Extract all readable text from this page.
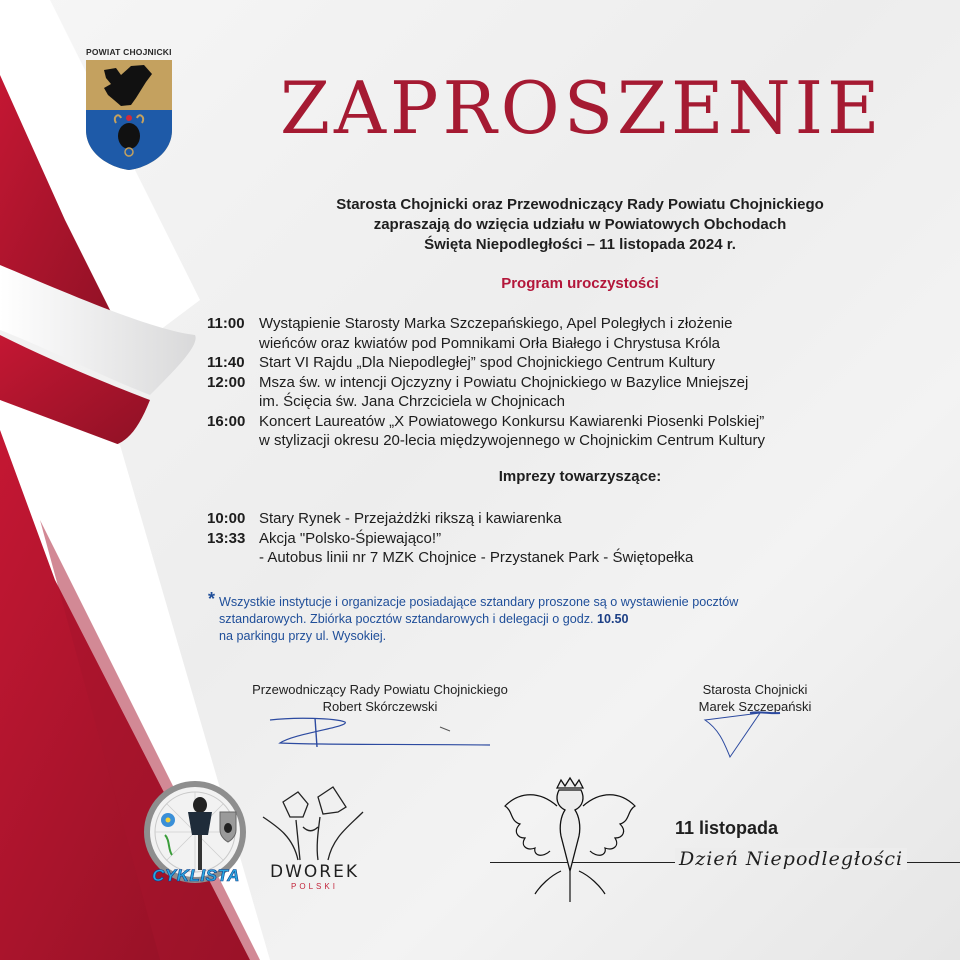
POWIAT CHOJNICKI
ZAPROSZENIE
Starosta Chojnicki oraz Przewodniczący Rady Powiatu Chojnickiego
zapraszają do wzięcia udziału w Powiatowych Obchodach
Święta Niepodległości – 11 listopada 2024 r.
Program uroczystości
11:00 Wystąpienie Starosty Marka Szczepańskiego, Apel Poległych i złożenie
wieńców oraz kwiatów pod Pomnikami Orła Białego i Chrystusa Króla
11:40 Start VI Rajdu „Dla Niepodległej” spod Chojnickiego Centrum Kultury
12:00 Msza św. w intencji Ojczyzny i Powiatu Chojnickiego w Bazylice Mniejszej
im. Ścięcia św. Jana Chrzciciela w Chojnicach
16:00 Koncert Laureatów „X Powiatowego Konkursu Kawiarenki Piosenki Polskiej”
w stylizacji okresu 20-lecia międzywojennego w Chojnickim Centrum Kultury
Imprezy towarzyszące:
10:00 Stary Rynek - Przejażdżki rikszą i kawiarenka
13:33 Akcja "Polsko-Śpiewająco!”
- Autobus linii nr 7 MZK Chojnice - Przystanek Park - Świętopełka
* Wszystkie instytucje i organizacje posiadające sztandary proszone są o wystawienie pocztów
sztandarowych. Zbiórka pocztów sztandarowych i delegacji o godz. 10.50
na parkingu przy ul. Wysokiej.
Przewodniczący Rady Powiatu Chojnickiego
Robert Skórczewski
Starosta Chojnicki
Marek Szczepański
CYKLISTA	DWOREK
POLSKI
11 listopada
Dzień Niepodległości
